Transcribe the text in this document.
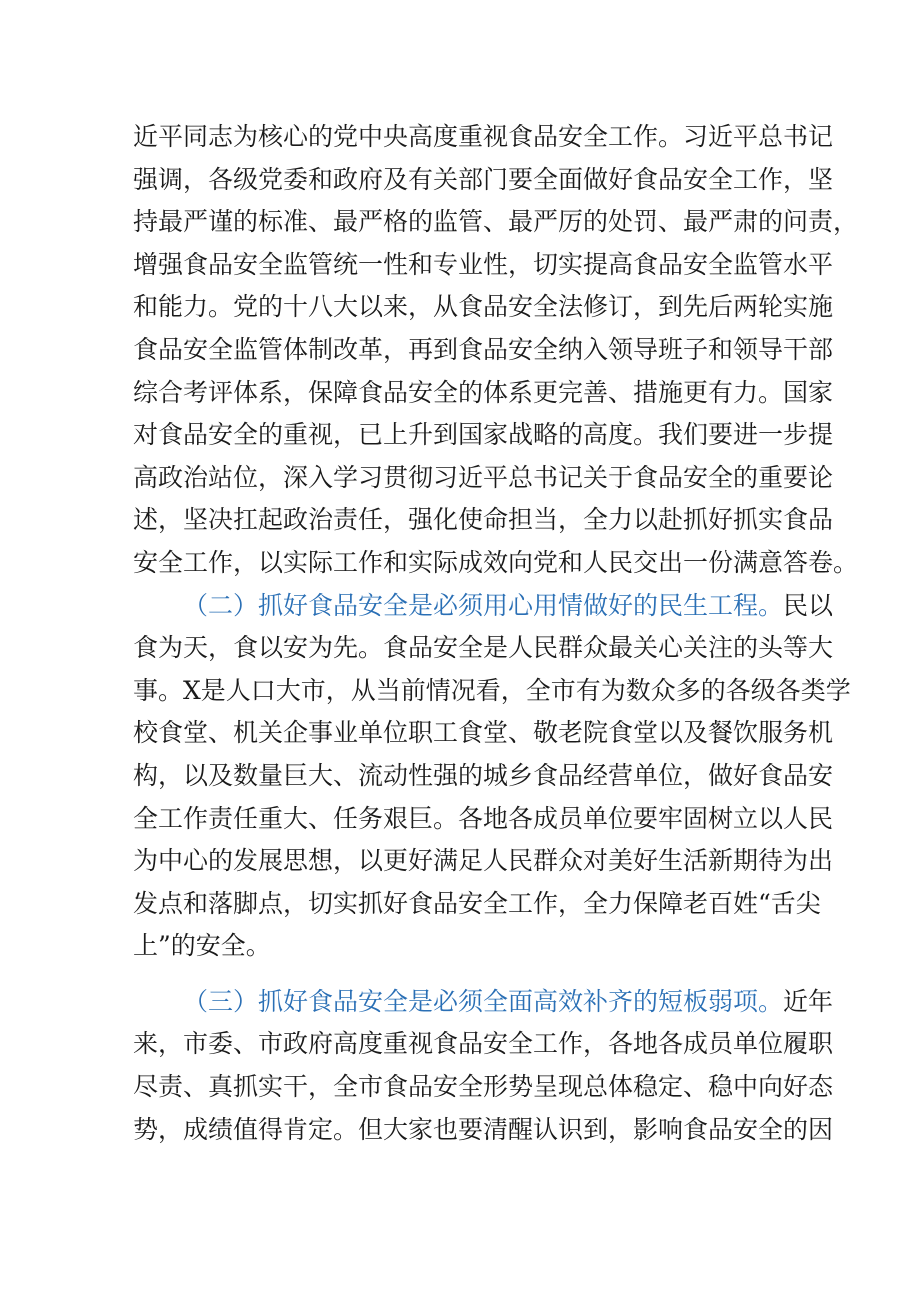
近平同志为核心的党中央高度重视食品安全工作。习近平总书记
强调，各级党委和政府及有关部门要全面做好食品安全工作，坚
持最严谨的标准、最严格的监管、最严厉的处罚、最严肃的问责，
增强食品安全监管统一性和专业性，切实提高食品安全监管水平
和能力。党的十八大以来，从食品安全法修订，到先后两轮实施
食品安全监管体制改革，再到食品安全纳入领导班子和领导干部
综合考评体系，保障食品安全的体系更完善、措施更有力。国家
对食品安全的重视，已上升到国家战略的高度。我们要进一步提
高政治站位，深入学习贯彻习近平总书记关于食品安全的重要论
述，坚决扛起政治责任，强化使命担当，全力以赴抓好抓实食品
安全工作，以实际工作和实际成效向党和人民交出一份满意答卷。
（二）抓好食品安全是必须用心用情做好的民生工程。民以
食为天，食以安为先。食品安全是人民群众最关心关注的头等大
事。X是人口大市，从当前情况看，全市有为数众多的各级各类学
校食堂、机关企事业单位职工食堂、敬老院食堂以及餐饮服务机
构，以及数量巨大、流动性强的城乡食品经营单位，做好食品安
全工作责任重大、任务艰巨。各地各成员单位要牢固树立以人民
为中心的发展思想，以更好满足人民群众对美好生活新期待为出
发点和落脚点，切实抓好食品安全工作，全力保障老百姓“舌尖
上”的安全。
（三）抓好食品安全是必须全面高效补齐的短板弱项。近年
来，市委、市政府高度重视食品安全工作，各地各成员单位履职
尽责、真抓实干，全市食品安全形势呈现总体稳定、稳中向好态
势，成绩值得肯定。但大家也要清醒认识到，影响食品安全的因
